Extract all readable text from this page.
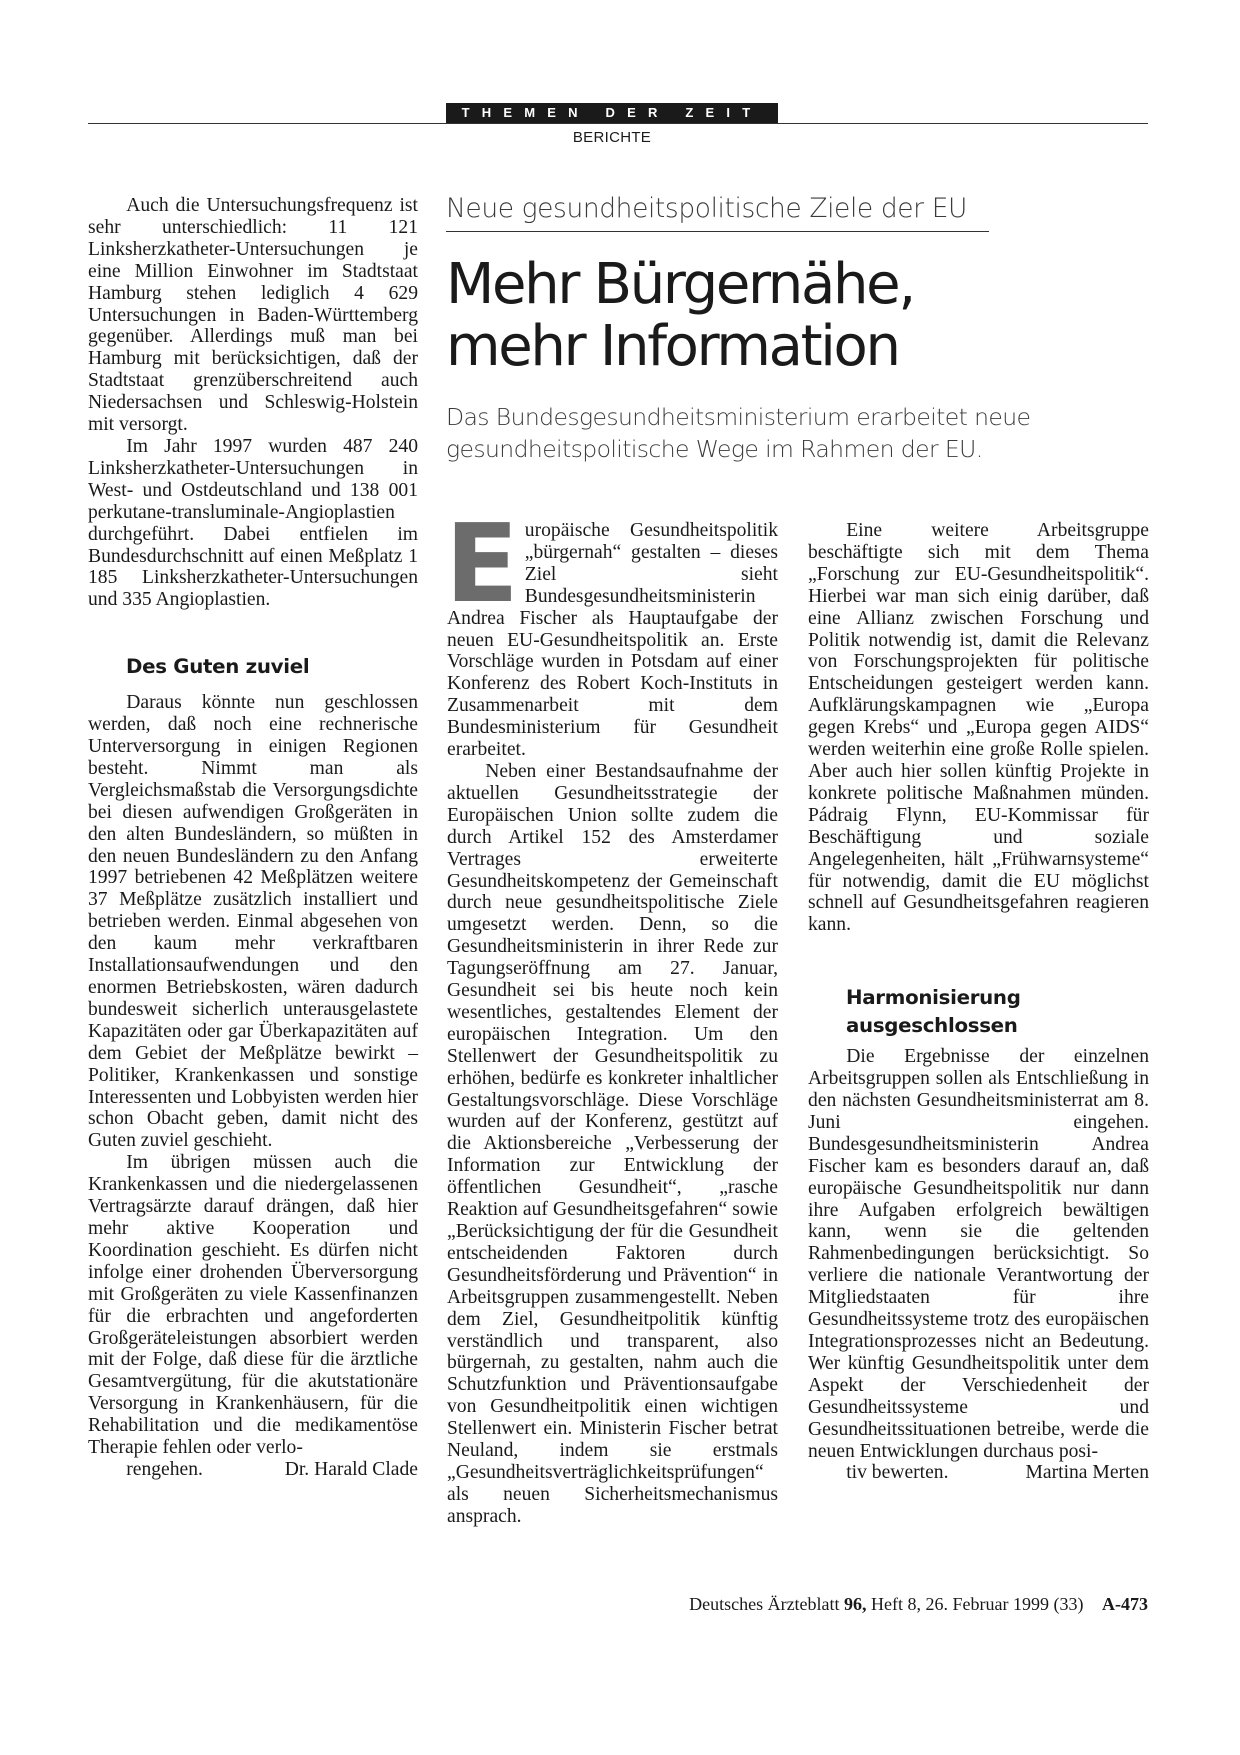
THEMEN DER ZEIT
BERICHTE

Auch die Untersuchungsfrequenz ist sehr unterschiedlich: 11 121 Linksherzkatheter-Untersuchungen je eine Million Einwohner im Stadtstaat Hamburg stehen lediglich 4 629 Untersuchungen in Baden-Württemberg gegenüber. Allerdings muß man bei Hamburg mit berücksichtigen, daß der Stadtstaat grenzüberschreitend auch Niedersachsen und Schleswig-Holstein mit versorgt.

Im Jahr 1997 wurden 487 240 Linksherzkatheter-Untersuchungen in West- und Ostdeutschland und 138 001 perkutane-transluminale-Angioplastien durchgeführt. Dabei entfielen im Bundesdurchschnitt auf einen Meßplatz 1 185 Linksherzkatheter-Untersuchungen und 335 Angioplastien.

Des Guten zuviel

Daraus könnte nun geschlossen werden, daß noch eine rechnerische Unterversorgung in einigen Regionen besteht. Nimmt man als Vergleichsmaßstab die Versorgungsdichte bei diesen aufwendigen Großgeräten in den alten Bundesländern, so müßten in den neuen Bundesländern zu den Anfang 1997 betriebenen 42 Meßplätzen weitere 37 Meßplätze zusätzlich installiert und betrieben werden. Einmal abgesehen von den kaum mehr verkraftbaren Installationsaufwendungen und den enormen Betriebskosten, wären dadurch bundesweit sicherlich unterausgelastete Kapazitäten oder gar Überkapazitäten auf dem Gebiet der Meßplätze bewirkt – Politiker, Krankenkassen und sonstige Interessenten und Lobbyisten werden hier schon Obacht geben, damit nicht des Guten zuviel geschieht.

Im übrigen müssen auch die Krankenkassen und die niedergelassenen Vertragsärzte darauf drängen, daß hier mehr aktive Kooperation und Koordination geschieht. Es dürfen nicht infolge einer drohenden Überversorgung mit Großgeräten zu viele Kassenfinanzen für die erbrachten und angeforderten Großgeräteleistungen absorbiert werden mit der Folge, daß diese für die ärztliche Gesamtvergütung, für die akutstationäre Versorgung in Krankenhäusern, für die Rehabilitation und die medikamentöse Therapie fehlen oder verlo-

rengehen.	Dr. Harald Clade

Neue gesundheitspolitische Ziele der EU
Mehr Bürgernähe,
mehr Information
Das Bundesgesundheitsministerium erarbeitet neue
gesundheitspolitische Wege im Rahmen der EU.

Europäische Gesundheitspolitik „bürgernah“ gestalten – dieses Ziel sieht Bundesgesundheitsministerin Andrea Fischer als Hauptaufgabe der neuen EU-Gesundheitspolitik an. Erste Vorschläge wurden in Potsdam auf einer Konferenz des Robert Koch-Instituts in Zusammenarbeit mit dem Bundesministerium für Gesundheit erarbeitet.

Neben einer Bestandsaufnahme der aktuellen Gesundheitsstrategie der Europäischen Union sollte zudem die durch Artikel 152 des Amsterdamer Vertrages erweiterte Gesundheitskompetenz der Gemeinschaft durch neue gesundheitspolitische Ziele umgesetzt werden. Denn, so die Gesundheitsministerin in ihrer Rede zur Tagungseröffnung am 27. Januar, Gesundheit sei bis heute noch kein wesentliches, gestaltendes Element der europäischen Integration. Um den Stellenwert der Gesundheitspolitik zu erhöhen, bedürfe es konkreter inhaltlicher Gestaltungsvorschläge. Diese Vorschläge wurden auf der Konferenz, gestützt auf die Aktionsbereiche „Verbesserung der Information zur Entwicklung der öffentlichen Gesundheit“, „rasche Reaktion auf Gesundheitsgefahren“ sowie „Berücksichtigung der für die Gesundheit entscheidenden Faktoren durch Gesundheitsförderung und Prävention“ in Arbeitsgruppen zusammengestellt. Neben dem Ziel, Gesundheitpolitik künftig verständlich und transparent, also bürgernah, zu gestalten, nahm auch die Schutzfunktion und Präventionsaufgabe von Gesundheitpolitik einen wichtigen Stellenwert ein. Ministerin Fischer betrat Neuland, indem sie erstmals „Gesundheitsverträglichkeitsprüfungen“ als neuen Sicherheitsmechanismus ansprach.

Eine weitere Arbeitsgruppe beschäftigte sich mit dem Thema „Forschung zur EU-Gesundheitspolitik“. Hierbei war man sich einig darüber, daß eine Allianz zwischen Forschung und Politik notwendig ist, damit die Relevanz von Forschungsprojekten für politische Entscheidungen gesteigert werden kann. Aufklärungskampagnen wie „Europa gegen Krebs“ und „Europa gegen AIDS“ werden weiterhin eine große Rolle spielen. Aber auch hier sollen künftig Projekte in konkrete politische Maßnahmen münden. Pádraig Flynn, EU-Kommissar für Beschäftigung und soziale Angelegenheiten, hält „Frühwarnsysteme“ für notwendig, damit die EU möglichst schnell auf Gesundheitsgefahren reagieren kann.

Harmonisierung
ausgeschlossen

Die Ergebnisse der einzelnen Arbeitsgruppen sollen als Entschließung in den nächsten Gesundheitsministerrat am 8. Juni eingehen. Bundesgesundheitsministerin Andrea Fischer kam es besonders darauf an, daß europäische Gesundheitspolitik nur dann ihre Aufgaben erfolgreich bewältigen kann, wenn sie die geltenden Rahmenbedingungen berücksichtigt. So verliere die nationale Verantwortung der Mitgliedstaaten für ihre Gesundheitssysteme trotz des europäischen Integrationsprozesses nicht an Bedeutung. Wer künftig Gesundheitspolitik unter dem Aspekt der Verschiedenheit der Gesundheitssysteme und Gesundheitssituationen betreibe, werde die neuen Entwicklungen durchaus posi-

tiv bewerten.	Martina Merten

Deutsches Ärzteblatt 96, Heft 8, 26. Februar 1999 (33) A-473
